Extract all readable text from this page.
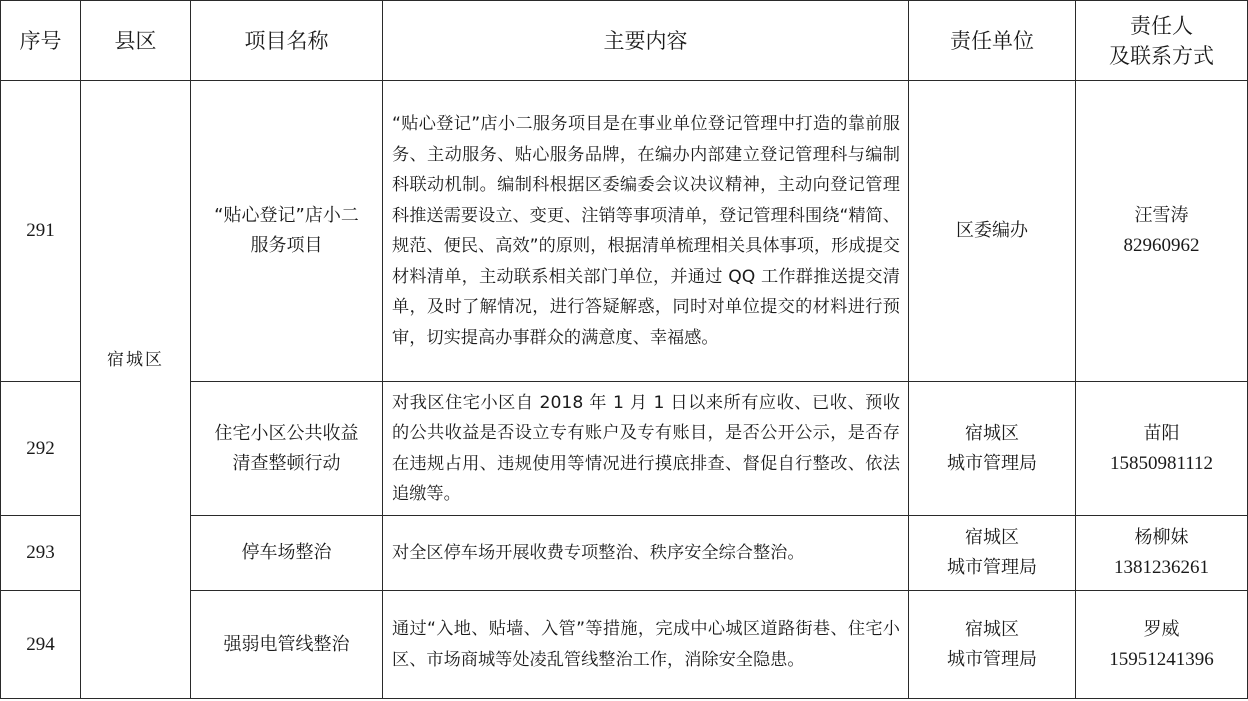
序号	县区	项目名称	主要内容	责任单位	责任人
及联系方式

291	宿城区	“贴心登记”店小二
服务项目	“贴心登记”店小二服务项目是在事业单位登记管理中打造的靠前服务、主动服务、贴心服务品牌，在编办内部建立登记管理科与编制科联动机制。编制科根据区委编委会议决议精神，主动向登记管理科推送需要设立、变更、注销等事项清单，登记管理科围绕“精简、规范、便民、高效”的原则，根据清单梳理相关具体事项，形成提交材料清单，主动联系相关部门单位，并通过 QQ 工作群推送提交清单，及时了解情况，进行答疑解惑，同时对单位提交的材料进行预审，切实提高办事群众的满意度、幸福感。	区委编办	汪雪涛
82960962

292		住宅小区公共收益
清查整顿行动	对我区住宅小区自 2018 年 1 月 1 日以来所有应收、已收、预收的公共收益是否设立专有账户及专有账目，是否公开公示，是否存在违规占用、违规使用等情况进行摸底排查、督促自行整改、依法追缴等。	宿城区
城市管理局	苗阳
15850981112

293		停车场整治	对全区停车场开展收费专项整治、秩序安全综合整治。	宿城区
城市管理局	杨柳妹
1381236261

294		强弱电管线整治	通过“入地、贴墙、入管”等措施，完成中心城区道路街巷、住宅小区、市场商城等处凌乱管线整治工作，消除安全隐患。	宿城区
城市管理局	罗威
15951241396
